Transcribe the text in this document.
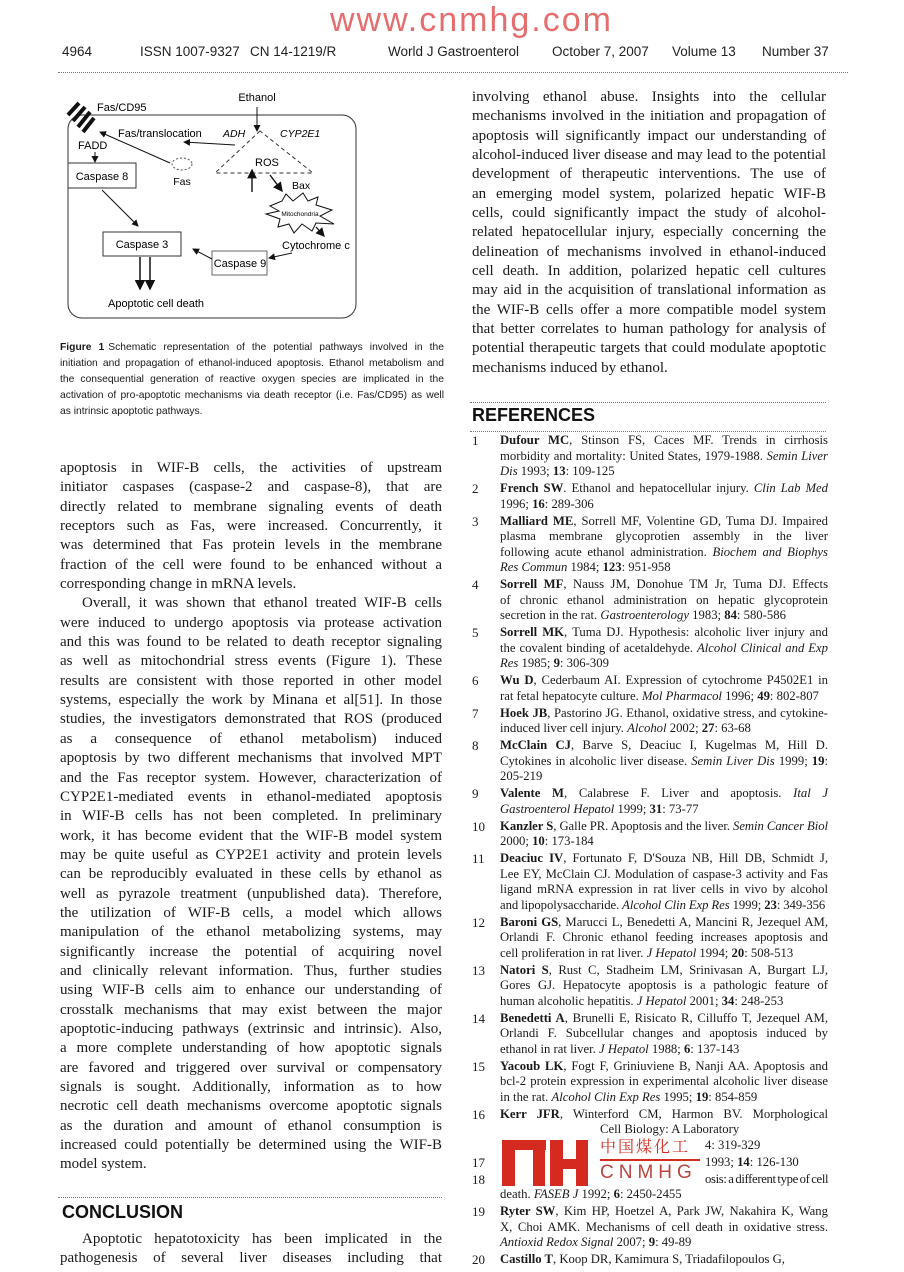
www.cnmhg.com
4964	ISSN 1007-9327 CN 14-1219/R	World J Gastroenterol October 7, 2007 Volume 13 Number 37
Fas/CD95
Ethanol
ADH	CYP2E1
ROS
Fas/translocation
Fas
FADD
Caspase 8
Caspase 3
Apoptotic cell death
Caspase 9
Mitochondria
Bax
Cytochrome c
Figure 1 Schematic representation of the potential pathways involved in the
initiation and propagation of ethanol-induced apoptosis. Ethanol metabolism and
the consequential generation of reactive oxygen species are implicated in the
activation of pro-apoptotic mechanisms via death receptor (i.e. Fas/CD95) as well
as intrinsic apoptotic pathways.
apoptosis in WIF-B cells, the activities of upstream
initiator caspases (caspase-2 and caspase-8), that are
directly related to membrane signaling events of death
receptors such as Fas, were increased. Concurrently, it
was determined that Fas protein levels in the membrane
fraction of the cell were found to be enhanced without a
corresponding change in mRNA levels.
Overall, it was shown that ethanol treated WIF-B cells
were induced to undergo apoptosis via protease activation
and this was found to be related to death receptor signaling
as well as mitochondrial stress events (Figure 1). These
results are consistent with those reported in other model
systems, especially the work by Minana et al[51]. In those
studies, the investigators demonstrated that ROS (produced
as a consequence of ethanol metabolism) induced
apoptosis by two different mechanisms that involved MPT
and the Fas receptor system. However, characterization of
CYP2E1-mediated events in ethanol-mediated apoptosis
in WIF-B cells has not been completed. In preliminary
work, it has become evident that the WIF-B model system
may be quite useful as CYP2E1 activity and protein levels
can be reproducibly evaluated in these cells by ethanol as
well as pyrazole treatment (unpublished data). Therefore,
the utilization of WIF-B cells, a model which allows
manipulation of the ethanol metabolizing systems, may
significantly increase the potential of acquiring novel
and clinically relevant information. Thus, further studies
using WIF-B cells aim to enhance our understanding of
crosstalk mechanisms that may exist between the major
apoptotic-inducing pathways (extrinsic and intrinsic). Also,
a more complete understanding of how apoptotic signals
are favored and triggered over survival or compensatory
signals is sought. Additionally, information as to how
necrotic cell death mechanisms overcome apoptotic signals
as the duration and amount of ethanol consumption is
increased could potentially be determined using the WIF-B
model system.
CONCLUSION
Apoptotic hepatotoxicity has been implicated in the
pathogenesis of several liver diseases including that
involving ethanol abuse. Insights into the cellular
mechanisms involved in the initiation and propagation of
apoptosis will significantly impact our understanding of
alcohol-induced liver disease and may lead to the potential
development of therapeutic interventions. The use of
an emerging model system, polarized hepatic WIF-B
cells, could significantly impact the study of alcohol-
related hepatocellular injury, especially concerning the
delineation of mechanisms involved in ethanol-induced
cell death. In addition, polarized hepatic cell cultures
may aid in the acquisition of translational information as
the WIF-B cells offer a more compatible model system
that better correlates to human pathology for analysis of
potential therapeutic targets that could modulate apoptotic
mechanisms induced by ethanol.
REFERENCES
1 Dufour MC, Stinson FS, Caces MF. Trends in cirrhosis
morbidity and mortality: United States, 1979-1988. Semin Liver
Dis 1993; 13: 109-125
2 French SW. Ethanol and hepatocellular injury. Clin Lab Med
1996; 16: 289-306
3 Malliard ME, Sorrell MF, Volentine GD, Tuma DJ. Impaired
plasma membrane glycoprotien assembly in the liver
following acute ethanol administration. Biochem and Biophys
Res Commun 1984; 123: 951-958
4 Sorrell MF, Nauss JM, Donohue TM Jr, Tuma DJ. Effects
of chronic ethanol administration on hepatic glycoprotein
secretion in the rat. Gastroenterology 1983; 84: 580-586
5 Sorrell MK, Tuma DJ. Hypothesis: alcoholic liver injury and
the covalent binding of acetaldehyde. Alcohol Clinical and Exp
Res 1985; 9: 306-309
6 Wu D, Cederbaum AI. Expression of cytochrome P4502E1 in
rat fetal hepatocyte culture. Mol Pharmacol 1996; 49: 802-807
7 Hoek JB, Pastorino JG. Ethanol, oxidative stress, and cytokine-
induced liver cell injury. Alcohol 2002; 27: 63-68
8 McClain CJ, Barve S, Deaciuc I, Kugelmas M, Hill D.
Cytokines in alcoholic liver disease. Semin Liver Dis 1999; 19:
205-219
9 Valente M, Calabrese F. Liver and apoptosis. Ital J
Gastroenterol Hepatol 1999; 31: 73-77
10 Kanzler S, Galle PR. Apoptosis and the liver. Semin Cancer Biol
2000; 10: 173-184
11 Deaciuc IV, Fortunato F, D'Souza NB, Hill DB, Schmidt J,
Lee EY, McClain CJ. Modulation of caspase-3 activity and Fas
ligand mRNA expression in rat liver cells in vivo by alcohol
and lipopolysaccharide. Alcohol Clin Exp Res 1999; 23: 349-356
12 Baroni GS, Marucci L, Benedetti A, Mancini R, Jezequel AM,
Orlandi F. Chronic ethanol feeding increases apoptosis and
cell proliferation in rat liver. J Hepatol 1994; 20: 508-513
13 Natori S, Rust C, Stadheim LM, Srinivasan A, Burgart LJ,
Gores GJ. Hepatocyte apoptosis is a pathologic feature of
human alcoholic hepatitis. J Hepatol 2001; 34: 248-253
14 Benedetti A, Brunelli E, Risicato R, Cilluffo T, Jezequel AM,
Orlandi F. Subcellular changes and apoptosis induced by
ethanol in rat liver. J Hepatol 1988; 6: 137-143
15 Yacoub LK, Fogt F, Griniuviene B, Nanji AA. Apoptosis and
bcl-2 protein expression in experimental alcoholic liver disease
in the rat. Alcohol Clin Exp Res 1995; 19: 854-859
16 Kerr JFR, Winterford CM, Harmon BV. Morphological
Cell Biology: A Laboratory
4: 319-329
17	1993; 14: 126-130
18	osis: a different type of cell
death. FASEB J 1992; 6: 2450-2455
19 Ryter SW, Kim HP, Hoetzel A, Park JW, Nakahira K, Wang
X, Choi AMK. Mechanisms of cell death in oxidative stress.
Antioxid Redox Signal 2007; 9: 49-89
20 Castillo T, Koop DR, Kamimura S, Triadafilopoulos G,
中国煤化工
CNMHG
